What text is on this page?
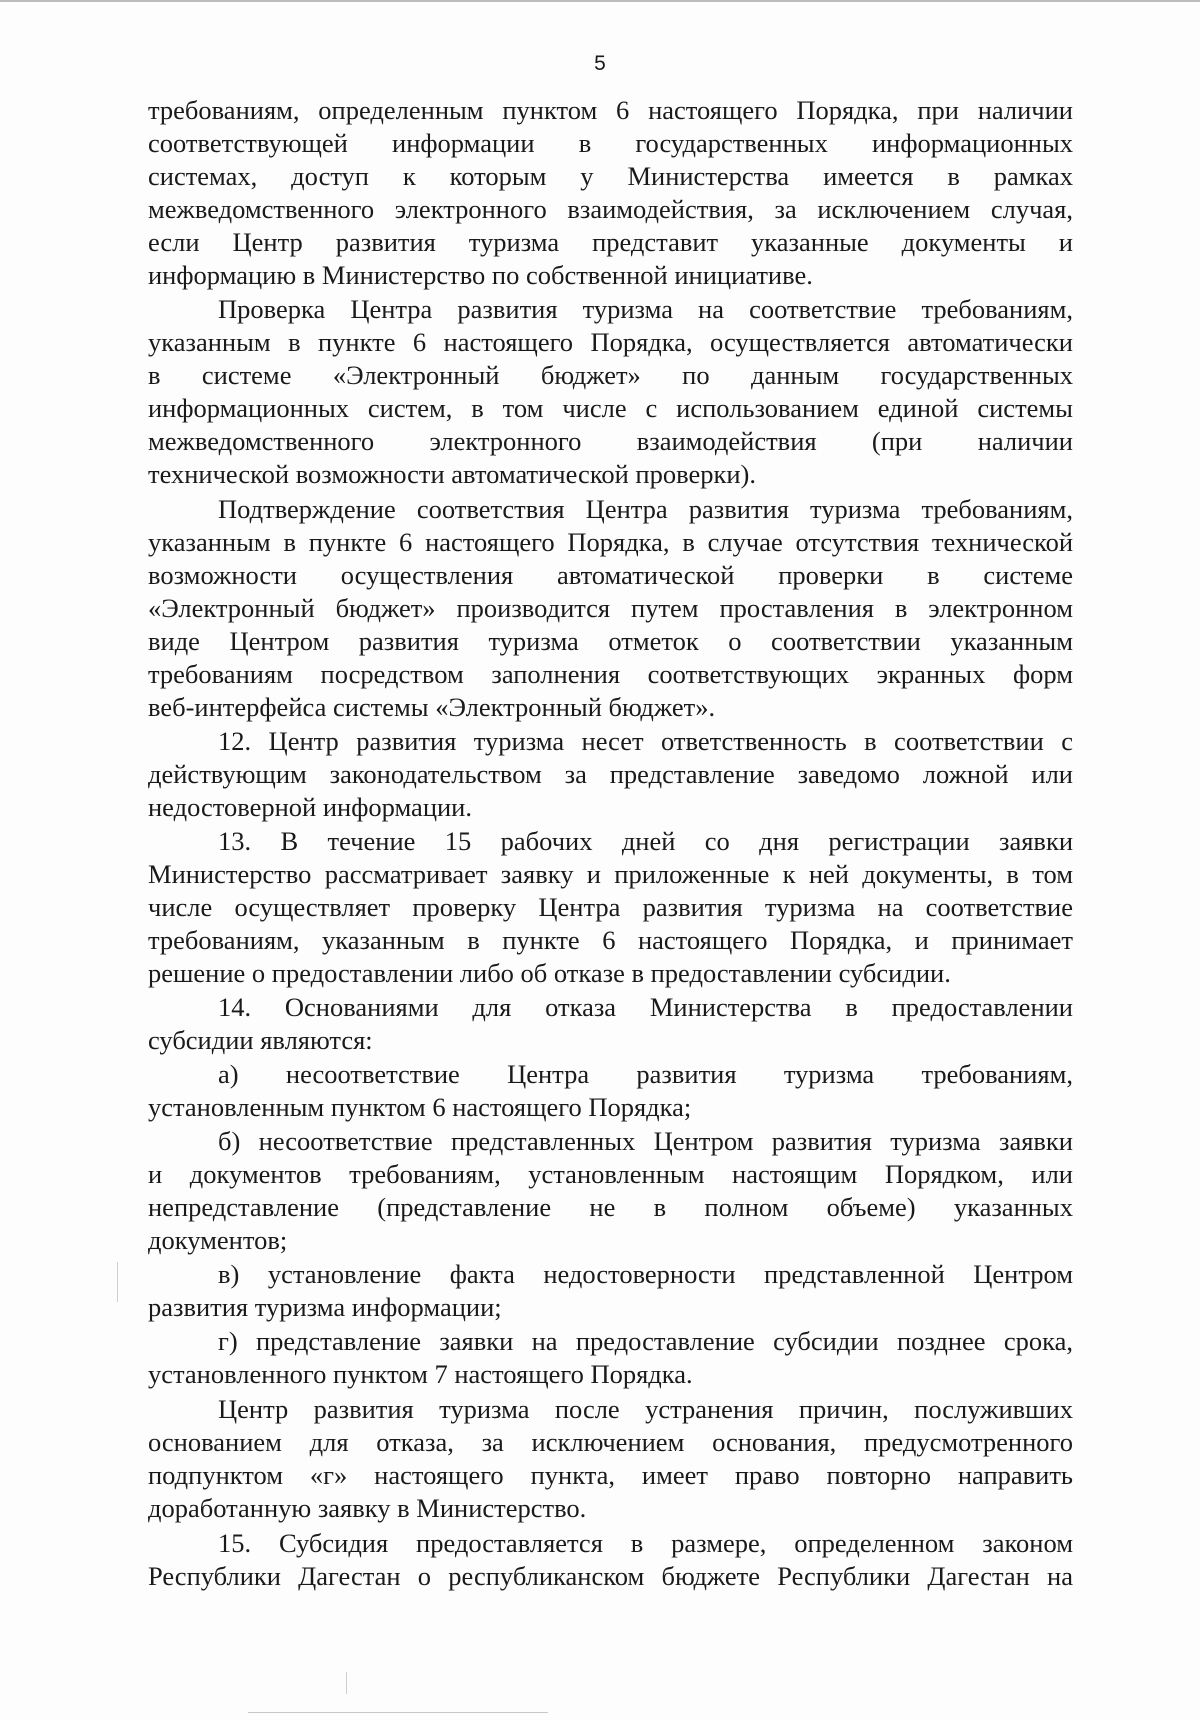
5
требованиям, определенным пунктом 6 настоящего Порядка, при наличии
соответствующей информации в государственных информационных
системах, доступ к которым у Министерства имеется в рамках
межведомственного электронного взаимодействия, за исключением случая,
если Центр развития туризма представит указанные документы и
информацию в Министерство по собственной инициативе.
Проверка Центра развития туризма на соответствие требованиям,
указанным в пункте 6 настоящего Порядка, осуществляется автоматически
в системе «Электронный бюджет» по данным государственных
информационных систем, в том числе с использованием единой системы
межведомственного электронного взаимодействия (при наличии
технической возможности автоматической проверки).
Подтверждение соответствия Центра развития туризма требованиям,
указанным в пункте 6 настоящего Порядка, в случае отсутствия технической
возможности осуществления автоматической проверки в системе
«Электронный бюджет» производится путем проставления в электронном
виде Центром развития туризма отметок о соответствии указанным
требованиям посредством заполнения соответствующих экранных форм
веб-интерфейса системы «Электронный бюджет».
12. Центр развития туризма несет ответственность в соответствии с
действующим законодательством за представление заведомо ложной или
недостоверной информации.
13. В течение 15 рабочих дней со дня регистрации заявки
Министерство рассматривает заявку и приложенные к ней документы, в том
числе осуществляет проверку Центра развития туризма на соответствие
требованиям, указанным в пункте 6 настоящего Порядка, и принимает
решение о предоставлении либо об отказе в предоставлении субсидии.
14. Основаниями для отказа Министерства в предоставлении
субсидии являются:
а) несоответствие Центра развития туризма требованиям,
установленным пунктом 6 настоящего Порядка;
б) несоответствие представленных Центром развития туризма заявки
и документов требованиям, установленным настоящим Порядком, или
непредставление (представление не в полном объеме) указанных
документов;
в) установление факта недостоверности представленной Центром
развития туризма информации;
г) представление заявки на предоставление субсидии позднее срока,
установленного пунктом 7 настоящего Порядка.
Центр развития туризма после устранения причин, послуживших
основанием для отказа, за исключением основания, предусмотренного
подпунктом «г» настоящего пункта, имеет право повторно направить
доработанную заявку в Министерство.
15. Субсидия предоставляется в размере, определенном законом
Республики Дагестан о республиканском бюджете Республики Дагестан на
